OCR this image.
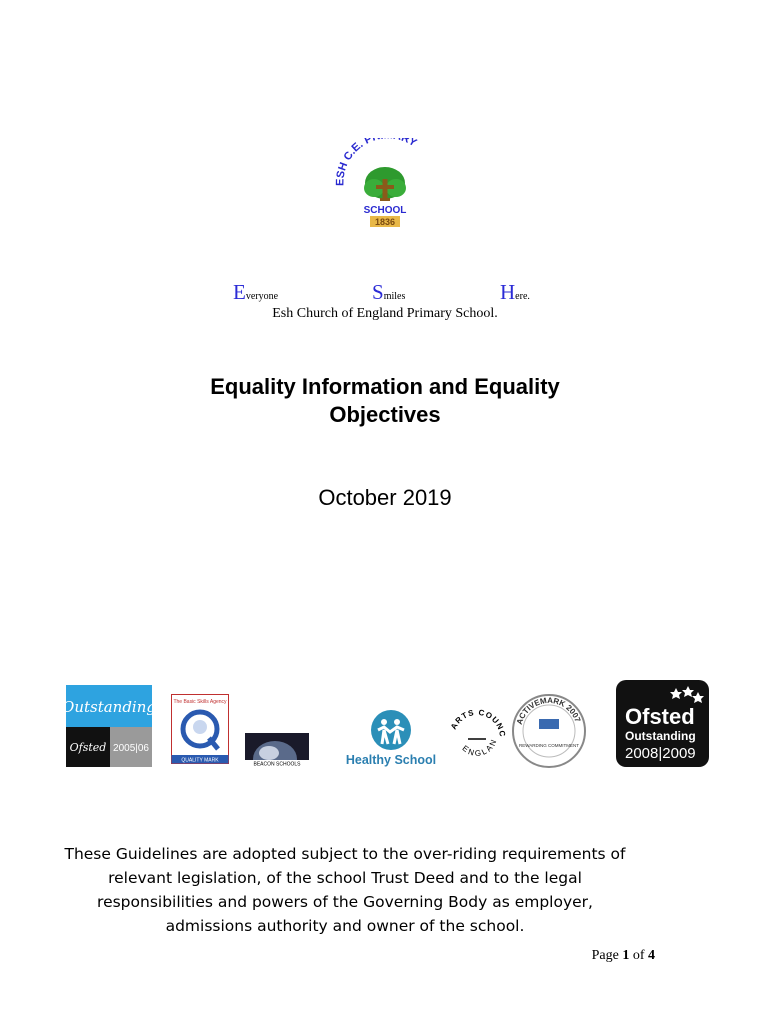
ESH C.E. P RY
SCHOOL
1836
Everyone	Smiles	Here.
Esh Church of England Primary School.
Equality Information and Equality
Objectives
October 2019
Outstanding
Ofsted 2005|06
The Basic Skills Agency
QUALITY MARK
BEACON SCHOOLS	Healthy School
ARTS COUNC
ENGLAN
ACTIVEMARK 2007
REWARDING COMMITMENT
Ofsted
Outstanding
2008|2009
These Guidelines are adopted subject to the over-riding requirements of
relevant legislation, of the school Trust Deed and to the legal
responsibilities and powers of the Governing Body as employer,
admissions authority and owner of the school.
Page 1 of 4
